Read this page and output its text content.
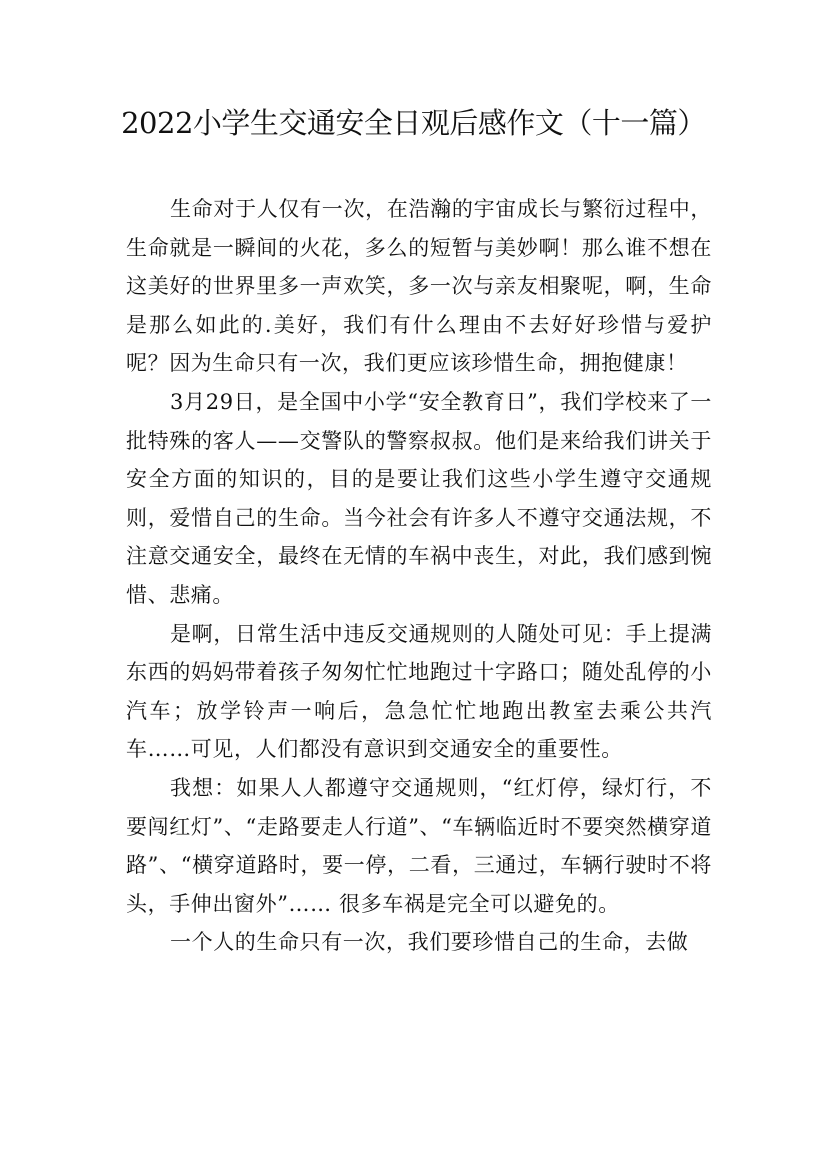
2022小学生交通安全日观后感作文（十一篇）

生命对于人仅有一次，在浩瀚的宇宙成长与繁衍过程中，生命就是一瞬间的火花，多么的短暂与美妙啊！那么谁不想在这美好的世界里多一声欢笑，多一次与亲友相聚呢，啊，生命是那么如此的.美好，我们有什么理由不去好好珍惜与爱护呢？因为生命只有一次，我们更应该珍惜生命，拥抱健康！

3月29日，是全国中小学“安全教育日”，我们学校来了一批特殊的客人——交警队的警察叔叔。他们是来给我们讲关于安全方面的知识的，目的是要让我们这些小学生遵守交通规则，爱惜自己的生命。当今社会有许多人不遵守交通法规，不注意交通安全，最终在无情的车祸中丧生，对此，我们感到惋惜、悲痛。

是啊，日常生活中违反交通规则的人随处可见：手上提满东西的妈妈带着孩子匆匆忙忙地跑过十字路口；随处乱停的小汽车；放学铃声一响后，急急忙忙地跑出教室去乘公共汽车……可见，人们都没有意识到交通安全的重要性。

我想：如果人人都遵守交通规则，“红灯停，绿灯行，不要闯红灯”、“走路要走人行道”、“车辆临近时不要突然横穿道路”、“横穿道路时，要一停，二看，三通过，车辆行驶时不将头，手伸出窗外”…… 很多车祸是完全可以避免的。

一个人的生命只有一次，我们要珍惜自己的生命，去做
